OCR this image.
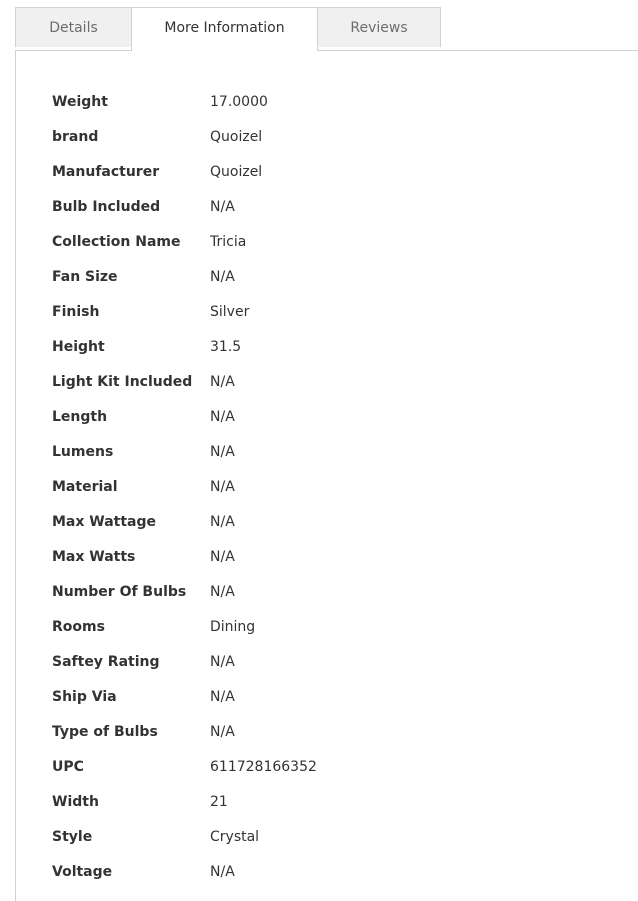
Details	More Information	Reviews
Weight	17.0000
brand	Quoizel
Manufacturer	Quoizel
Bulb Included	N/A
Collection Name	Tricia
Fan Size	N/A
Finish	Silver
Height	31.5
Light Kit Included	N/A
Length	N/A
Lumens	N/A
Material	N/A
Max Wattage	N/A
Max Watts	N/A
Number Of Bulbs	N/A
Rooms	Dining
Saftey Rating	N/A
Ship Via	N/A
Type of Bulbs	N/A
UPC	611728166352
Width	21
Style	Crystal
Voltage	N/A
